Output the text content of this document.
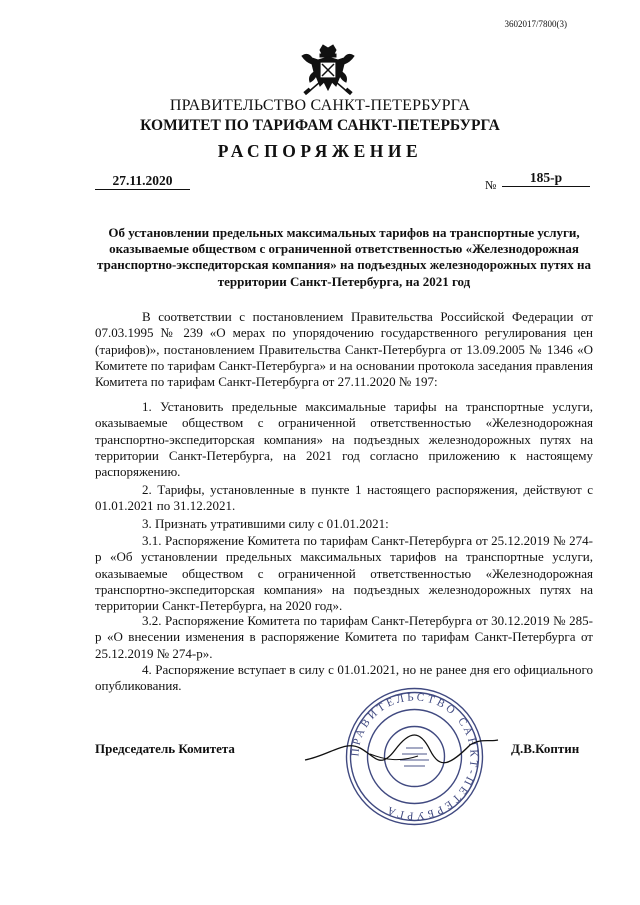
3602017/7800(3)
ПРАВИТЕЛЬСТВО САНКТ-ПЕТЕРБУРГА
КОМИТЕТ ПО ТАРИФАМ САНКТ-ПЕТЕРБУРГА
РАСПОРЯЖЕНИЕ
27.11.2020	№	185-р
Об установлении предельных максимальных тарифов на транспортные услуги, оказываемые обществом с ограниченной ответственностью «Железнодорожная транспортно-экспедиторская компания» на подъездных железнодорожных путях на территории Санкт-Петербурга, на 2021 год

В соответствии с постановлением Правительства Российской Федерации от 07.03.1995 № 239 «О мерах по упорядочению государственного регулирования цен (тарифов)», постановлением Правительства Санкт-Петербурга от 13.09.2005 № 1346 «О Комитете по тарифам Санкт-Петербурга» и на основании протокола заседания правления Комитета по тарифам Санкт-Петербурга от 27.11.2020 № 197:

1. Установить предельные максимальные тарифы на транспортные услуги, оказываемые обществом с ограниченной ответственностью «Железнодорожная транспортно-экспедиторская компания» на подъездных железнодорожных путях на территории Санкт-Петербурга, на 2021 год согласно приложению к настоящему распоряжению.

2. Тарифы, установленные в пункте 1 настоящего распоряжения, действуют с 01.01.2021 по 31.12.2021.

3. Признать утратившими силу с 01.01.2021:

3.1. Распоряжение Комитета по тарифам Санкт-Петербурга от 25.12.2019 № 274-р «Об установлении предельных максимальных тарифов на транспортные услуги, оказываемые обществом с ограниченной ответственностью «Железнодорожная транспортно-экспедиторская компания» на подъездных железнодорожных путях на территории Санкт-Петербурга, на 2020 год».

3.2. Распоряжение Комитета по тарифам Санкт-Петербурга от 30.12.2019 № 285-р «О внесении изменения в распоряжение Комитета по тарифам Санкт-Петербурга от 25.12.2019 № 274-р».

4. Распоряжение вступает в силу с 01.01.2021, но не ранее дня его официального опубликования.

ПРАВИТЕЛЬСТВО САНКТ-ПЕТЕРБУРГА
Председатель Комитета	Д.В.Коптин
